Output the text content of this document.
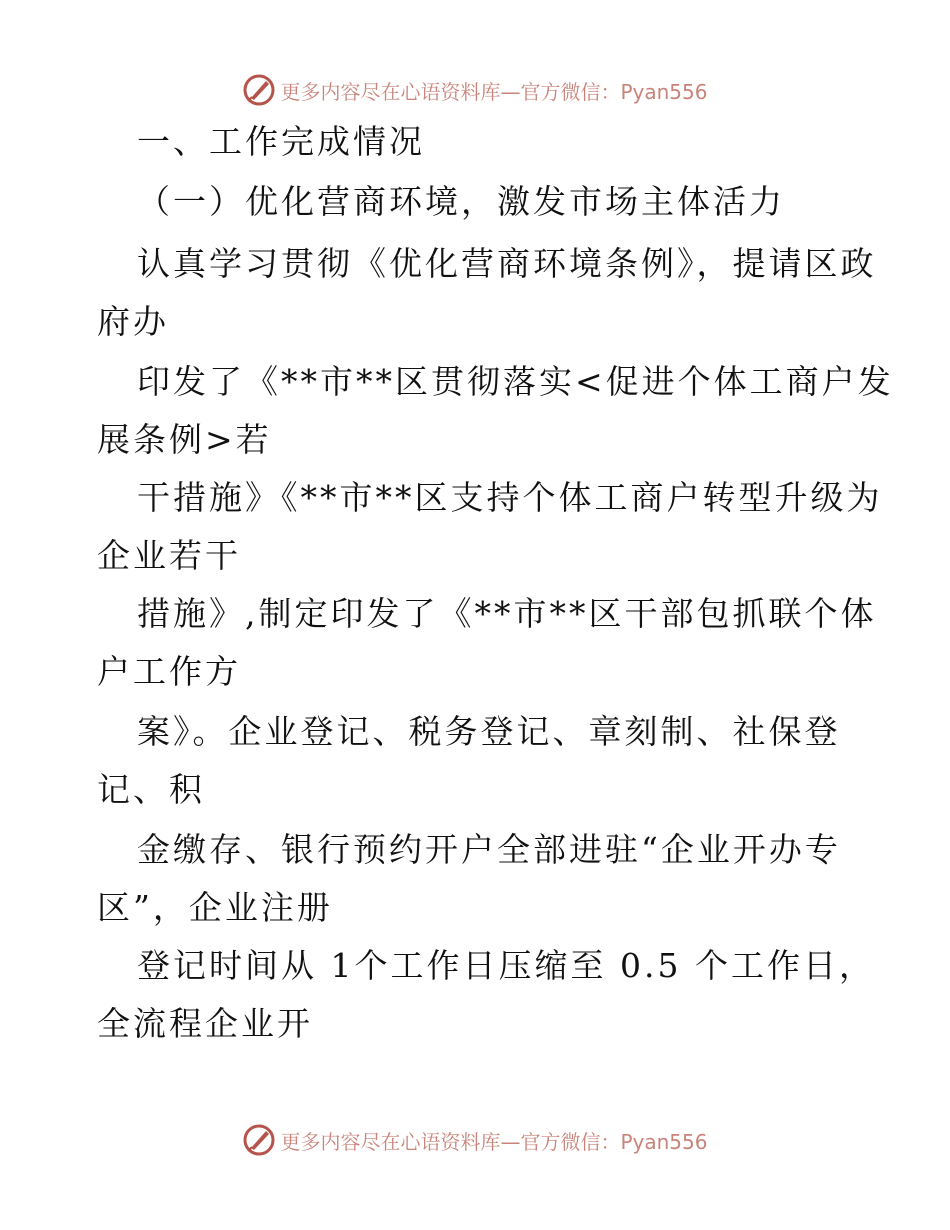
更多内容尽在心语资料库—官方微信：Pyan556
一、工作完成情况
（一）优化营商环境，激发市场主体活力
认真学习贯彻《优化营商环境条例》，提请区政
府办
印发了《**市**区贯彻落实<促进个体工商户发
展条例>若
干措施》《**市**区支持个体工商户转型升级为
企业若干
措施》,制定印发了《**市**区干部包抓联个体
户工作方
案》。企业登记、税务登记、章刻制、社保登
记、积
金缴存、银行预约开户全部进驻“企业开办专
区”，企业注册
登记时间从 1个工作日压缩至 0.5 个工作日，
全流程企业开
更多内容尽在心语资料库—官方微信：Pyan556
